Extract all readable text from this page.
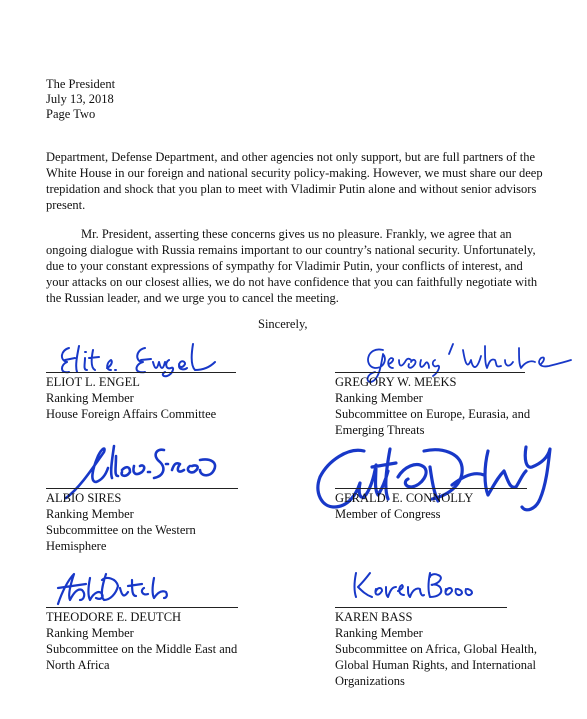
The President
July 13, 2018
Page Two

Department, Defense Department, and other agencies not only support, but are full partners of the White House in our foreign and national security policy-making. However, we must share our deep trepidation and shock that you plan to meet with Vladimir Putin alone and without senior advisors present.

Mr. President, asserting these concerns gives us no pleasure. Frankly, we agree that an ongoing dialogue with Russia remains important to our country’s national security. Unfortunately, due to your constant expressions of sympathy for Vladimir Putin, your conflicts of interest, and your attacks on our closest allies, we do not have confidence that you can faithfully negotiate with the Russian leader, and we urge you to cancel the meeting.

Sincerely,
ELIOT L. ENGEL
Ranking Member
House Foreign Affairs Committee
GREGORY W. MEEKS
Ranking Member
Subcommittee on Europe, Eurasia, and
Emerging Threats
ALBIO SIRES
Ranking Member
Subcommittee on the Western
Hemisphere
GERALD. E. CONNOLLY
Member of Congress
THEODORE E. DEUTCH
Ranking Member
Subcommittee on the Middle East and
North Africa
KAREN BASS
Ranking Member
Subcommittee on Africa, Global Health,
Global Human Rights, and International
Organizations
